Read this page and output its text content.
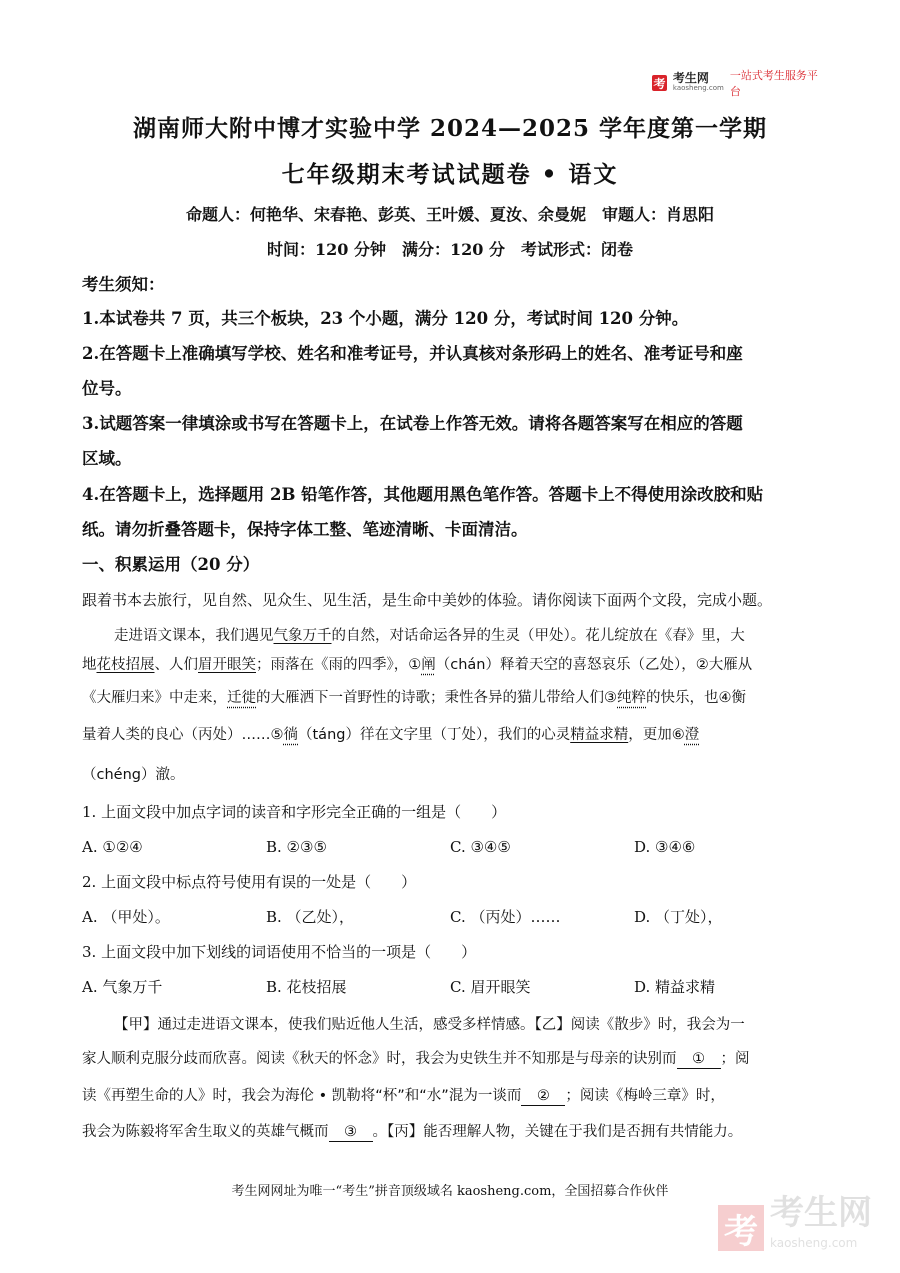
考 考生网
kaosheng.com
一站式考生服务平台
湖南师大附中博才实验中学 2024—2025 学年度第一学期
七年级期末考试试题卷 • 语文
命题人：何艳华、宋春艳、彭英、王叶媛、夏汝、余曼妮　审题人：肖思阳
时间：120 分钟　满分：120 分　考试形式：闭卷
考生须知：
1.本试卷共 7 页，共三个板块，23 个小题，满分 120 分，考试时间 120 分钟。
2.在答题卡上准确填写学校、姓名和准考证号，并认真核对条形码上的姓名、准考证号和座
位号。
3.试题答案一律填涂或书写在答题卡上，在试卷上作答无效。请将各题答案写在相应的答题
区域。
4.在答题卡上，选择题用 2B 铅笔作答，其他题用黑色笔作答。答题卡上不得使用涂改胶和贴
纸。请勿折叠答题卡，保持字体工整、笔迹清晰、卡面清洁。
一、积累运用（20 分）
跟着书本去旅行，见自然、见众生、见生活，是生命中美妙的体验。请你阅读下面两个文段，完成小题。
走进语文课本，我们遇见气象万千的自然，对话命运各异的生灵（甲处）。花儿绽放在《春》里，大
地花枝招展、人们眉开眼笑；雨落在《雨的四季》，①阐（chán）释着天空的喜怒哀乐（乙处），②大雁从
《大雁归来》中走来，迁徙的大雁洒下一首野性的诗歌；秉性各异的猫儿带给人们③纯粹的快乐，也④衡
量着人类的良心（丙处）……⑤徜（táng）徉在文字里（丁处），我们的心灵精益求精，更加⑥澄
（chéng）澈。
1. 上面文段中加点字词的读音和字形完全正确的一组是（　　）
A. ①②④	B. ②③⑤	C. ③④⑤	D. ③④⑥
2. 上面文段中标点符号使用有误的一处是（　　）
A. （甲处）。	B. （乙处），	C. （丙处）……	D. （丁处），
3. 上面文段中加下划线的词语使用不恰当的一项是（　　）
A. 气象万千	B. 花枝招展	C. 眉开眼笑	D. 精益求精
【甲】通过走进语文课本，使我们贴近他人生活，感受多样情感。【乙】阅读《散步》时，我会为一
家人顺利克服分歧而欣喜。阅读《秋天的怀念》时，我会为史铁生并不知那是与母亲的诀别而 ① ；阅
读《再塑生命的人》时，我会为海伦 • 凯勒将“杯”和“水”混为一谈而 ② ；阅读《梅岭三章》时，
我会为陈毅将军舍生取义的英雄气概而 ③ 。【丙】能否理解人物，关键在于我们是否拥有共情能力。
考生网网址为唯一“考生”拼音顶级域名 kaosheng.com，全国招募合作伙伴
考 考生网
kaosheng.com
